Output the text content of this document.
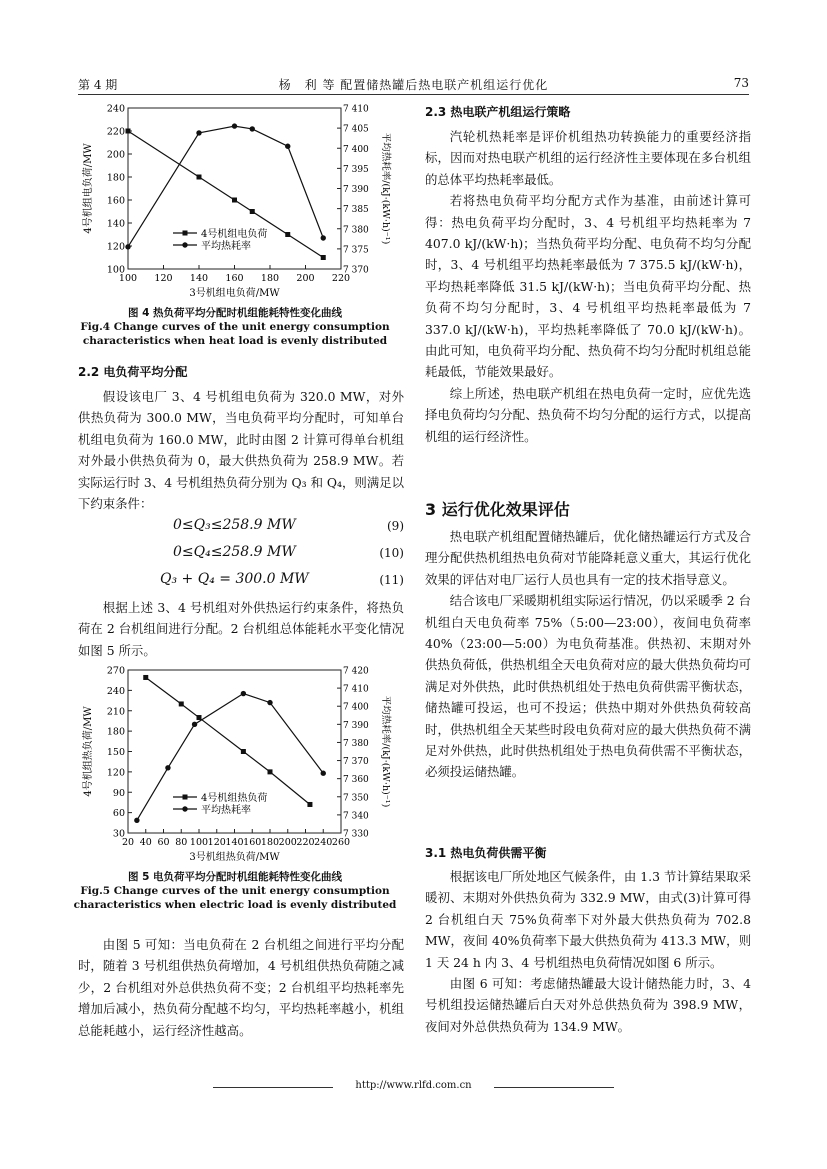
第 4 期	杨　利 等 配置储热罐后热电联产机组运行优化	73
100 120 140 160 180 200 220
100
120
140
160
180
200
220
240
7 370
7 375
7 380
7 385
7 390
7 395
7 400
7 405
7 410
3号机组电负荷/MW
4号机组电负荷/MW	平均热耗率/(kJ·(kW·h)⁻¹)
4号机组电负荷
平均热耗率
图 4 热负荷平均分配时机组能耗特性变化曲线
Fig.4 Change curves of the unit energy consumption
characteristics when heat load is evenly distributed
2.2 电负荷平均分配

假设该电厂 3、4 号机组电负荷为 320.0 MW，对外供热负荷为 300.0 MW，当电负荷平均分配时，可知单台机组电负荷为 160.0 MW，此时由图 2 计算可得单台机组对外最小供热负荷为 0，最大供热负荷为 258.9 MW。若实际运行时 3、4 号机组热负荷分别为 Q₃ 和 Q₄，则满足以下约束条件：

0≤Q₃≤258.9 MW	(9)
0≤Q₄≤258.9 MW	(10)
Q₃ + Q₄ = 300.0 MW	(11)

根据上述 3、4 号机组对外供热运行约束条件，将热负荷在 2 台机组间进行分配。2 台机组总体能耗水平变化情况如图 5 所示。

20 40 60 80 100 120 140 160 180 200 220 240 260
30
60
90
120
150
180
210
240
270
7 330
7 340
7 350
7 360
7 370
7 380
7 390
7 400
7 410
7 420
3号机组热负荷/MW
4号机组热负荷/MW	平均热耗率/(kJ·(kW·h)⁻¹)
4号机组热负荷
平均热耗率
图 5 电负荷平均分配时机组能耗特性变化曲线
Fig.5 Change curves of the unit energy consumption
characteristics when electric load is evenly distributed

由图 5 可知：当电负荷在 2 台机组之间进行平均分配时，随着 3 号机组供热负荷增加，4 号机组供热负荷随之减少，2 台机组对外总供热负荷不变；2 台机组平均热耗率先增加后减小，热负荷分配越不均匀，平均热耗率越小，机组总能耗越小，运行经济性越高。

2.3 热电联产机组运行策略

汽轮机热耗率是评价机组热功转换能力的重要经济指标，因而对热电联产机组的运行经济性主要体现在多台机组的总体平均热耗率最低。

若将热电负荷平均分配方式作为基准，由前述计算可得：热电负荷平均分配时，3、4 号机组平均热耗率为 7 407.0 kJ/(kW·h)；当热负荷平均分配、电负荷不均匀分配时，3、4 号机组平均热耗率最低为 7 375.5 kJ/(kW·h)，平均热耗率降低 31.5 kJ/(kW·h)；当电负荷平均分配、热负荷不均匀分配时，3、4 号机组平均热耗率最低为 7 337.0 kJ/(kW·h)，平均热耗率降低了 70.0 kJ/(kW·h)。由此可知，电负荷平均分配、热负荷不均匀分配时机组总能耗最低，节能效果最好。

综上所述，热电联产机组在热电负荷一定时，应优先选择电负荷均匀分配、热负荷不均匀分配的运行方式，以提高机组的运行经济性。

3 运行优化效果评估

热电联产机组配置储热罐后，优化储热罐运行方式及合理分配供热机组热电负荷对节能降耗意义重大，其运行优化效果的评估对电厂运行人员也具有一定的技术指导意义。

结合该电厂采暖期机组实际运行情况，仍以采暖季 2 台机组白天电负荷率 75%（5:00—23:00），夜间电负荷率 40%（23:00—5:00）为电负荷基准。供热初、末期对外供热负荷低，供热机组全天电负荷对应的最大供热负荷均可满足对外供热，此时供热机组处于热电负荷供需平衡状态，储热罐可投运，也可不投运；供热中期对外供热负荷较高时，供热机组全天某些时段电负荷对应的最大供热负荷不满足对外供热，此时供热机组处于热电负荷供需不平衡状态，必须投运储热罐。

3.1 热电负荷供需平衡

根据该电厂所处地区气候条件，由 1.3 节计算结果取采暖初、末期对外供热负荷为 332.9 MW，由式(3)计算可得 2 台机组白天 75%负荷率下对外最大供热负荷为 702.8 MW，夜间 40%负荷率下最大供热负荷为 413.3 MW，则 1 天 24 h 内 3、4 号机组热电负荷情况如图 6 所示。

由图 6 可知：考虑储热罐最大设计储热能力时，3、4 号机组投运储热罐后白天对外总供热负荷为 398.9 MW，夜间对外总供热负荷为 134.9 MW。

http://www.rlfd.com.cn
